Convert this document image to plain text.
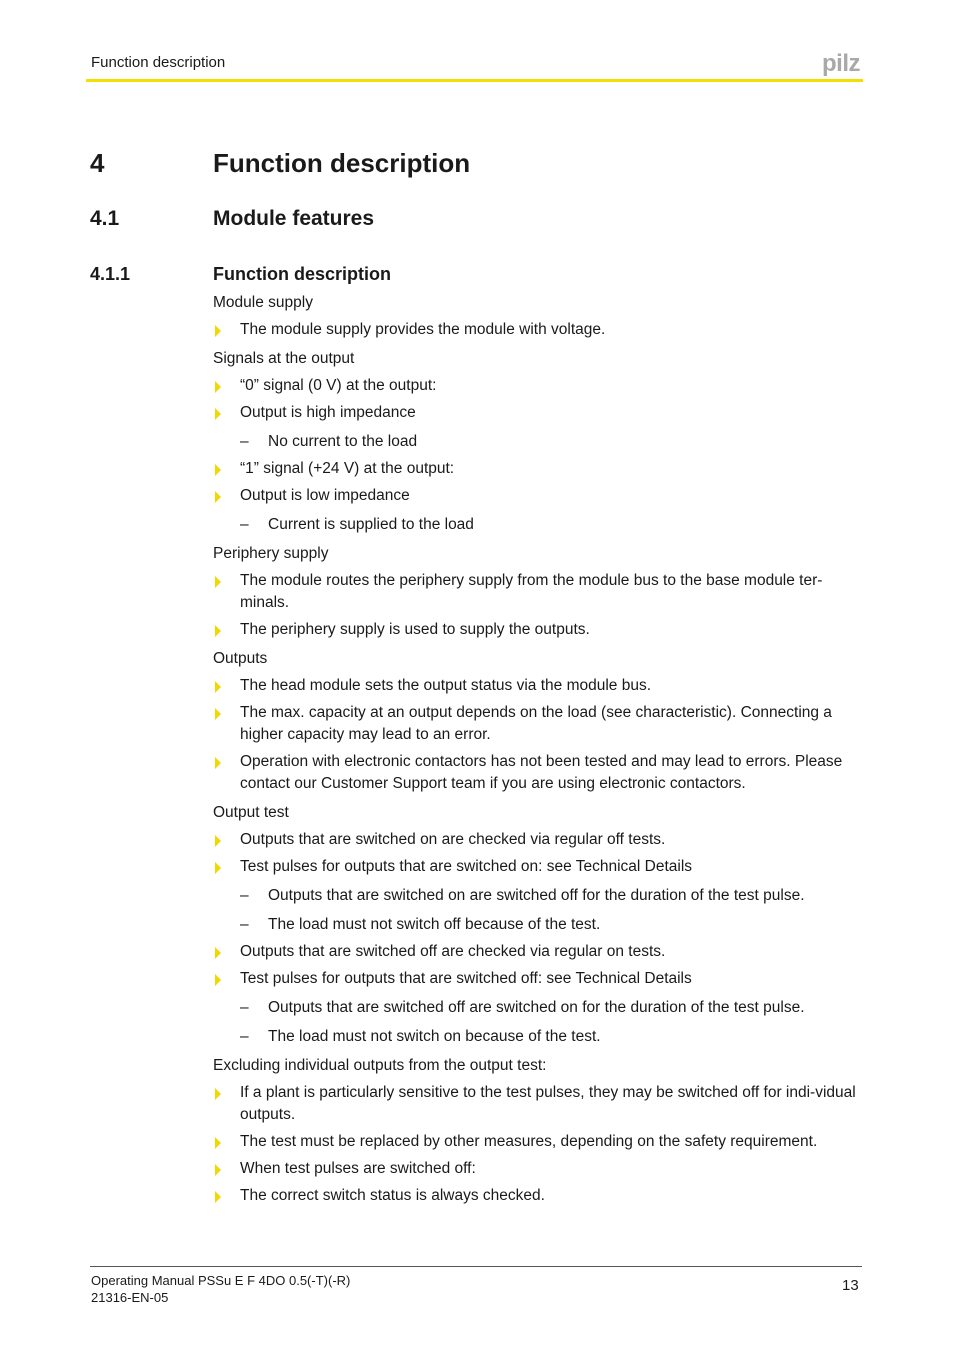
Function description	pilz
4	Function description
4.1	Module features
4.1.1	Function description
Module supply
The module supply provides the module with voltage.
Signals at the output
“0” signal (0 V) at the output:
Output is high impedance
– No current to the load
“1” signal (+24 V) at the output:
Output is low impedance
– Current is supplied to the load
Periphery supply
The module routes the periphery supply from the module bus to the base module ter-minals.
The periphery supply is used to supply the outputs.
Outputs
The head module sets the output status via the module bus.
The max. capacity at an output depends on the load (see characteristic). Connecting a higher capacity may lead to an error.
Operation with electronic contactors has not been tested and may lead to errors. Please contact our Customer Support team if you are using electronic contactors.
Output test
Outputs that are switched on are checked via regular off tests.
Test pulses for outputs that are switched on: see Technical Details
– Outputs that are switched on are switched off for the duration of the test pulse.
– The load must not switch off because of the test.
Outputs that are switched off are checked via regular on tests.
Test pulses for outputs that are switched off: see Technical Details
– Outputs that are switched off are switched on for the duration of the test pulse.
– The load must not switch on because of the test.
Excluding individual outputs from the output test:
If a plant is particularly sensitive to the test pulses, they may be switched off for indi-vidual outputs.
The test must be replaced by other measures, depending on the safety requirement.
When test pulses are switched off:
The correct switch status is always checked.
Operating Manual PSSu E F 4DO 0.5(-T)(-R)
21316-EN-05
13
